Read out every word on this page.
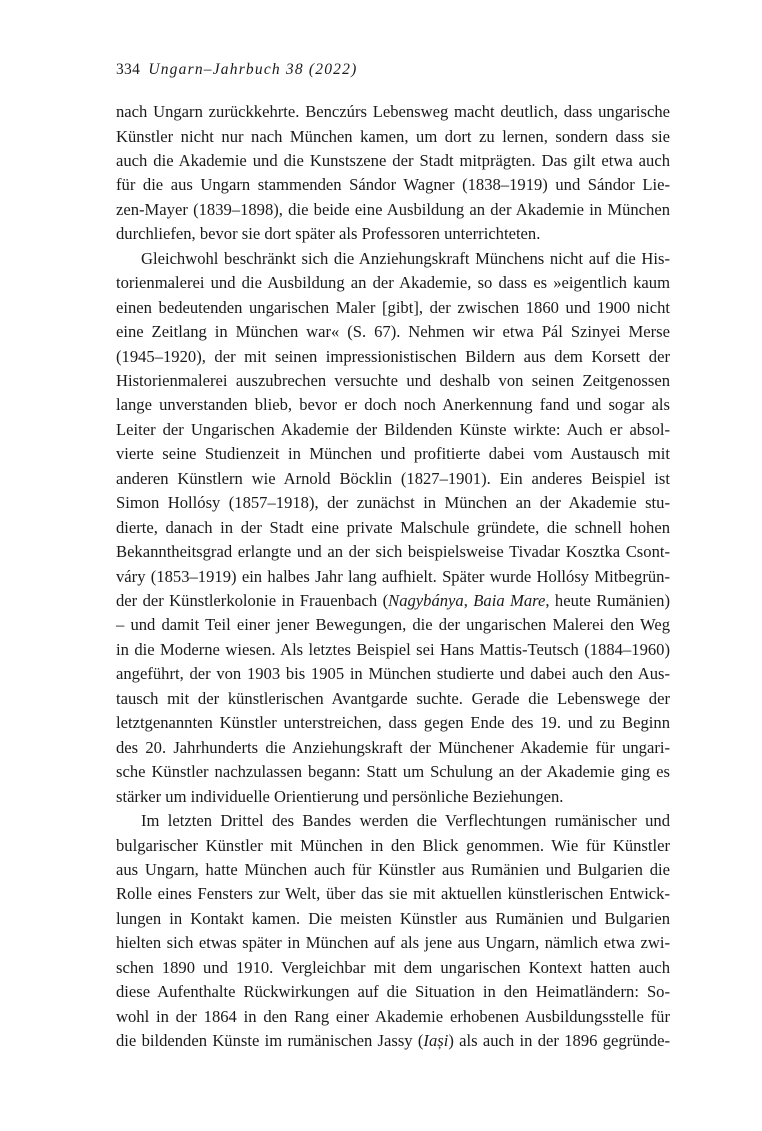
334 Ungarn–Jahrbuch 38 (2022)
nach Ungarn zurückkehrte. Benczúrs Lebensweg macht deutlich, dass ungarische
Künstler nicht nur nach München kamen, um dort zu lernen, sondern dass sie
auch die Akademie und die Kunstszene der Stadt mitprägten. Das gilt etwa auch
für die aus Ungarn stammenden Sándor Wagner (1838–1919) und Sándor Lie-
zen-Mayer (1839–1898), die beide eine Ausbildung an der Akademie in München
durchliefen, bevor sie dort später als Professoren unterrichteten.
Gleichwohl beschränkt sich die Anziehungskraft Münchens nicht auf die His-
torienmalerei und die Ausbildung an der Akademie, so dass es »eigentlich kaum
einen bedeutenden ungarischen Maler [gibt], der zwischen 1860 und 1900 nicht
eine Zeitlang in München war« (S. 67). Nehmen wir etwa Pál Szinyei Merse
(1945–1920), der mit seinen impressionistischen Bildern aus dem Korsett der
Historienmalerei auszubrechen versuchte und deshalb von seinen Zeitgenossen
lange unverstanden blieb, bevor er doch noch Anerkennung fand und sogar als
Leiter der Ungarischen Akademie der Bildenden Künste wirkte: Auch er absol-
vierte seine Studienzeit in München und profitierte dabei vom Austausch mit
anderen Künstlern wie Arnold Böcklin (1827–1901). Ein anderes Beispiel ist
Simon Hollósy (1857–1918), der zunächst in München an der Akademie stu-
dierte, danach in der Stadt eine private Malschule gründete, die schnell hohen
Bekanntheitsgrad erlangte und an der sich beispielsweise Tivadar Kosztka Csont-
váry (1853–1919) ein halbes Jahr lang aufhielt. Später wurde Hollósy Mitbegrün-
der der Künstlerkolonie in Frauenbach (Nagybánya, Baia Mare, heute Rumänien)
– und damit Teil einer jener Bewegungen, die der ungarischen Malerei den Weg
in die Moderne wiesen. Als letztes Beispiel sei Hans Mattis-Teutsch (1884–1960)
angeführt, der von 1903 bis 1905 in München studierte und dabei auch den Aus-
tausch mit der künstlerischen Avantgarde suchte. Gerade die Lebenswege der
letztgenannten Künstler unterstreichen, dass gegen Ende des 19. und zu Beginn
des 20. Jahrhunderts die Anziehungskraft der Münchener Akademie für ungari-
sche Künstler nachzulassen begann: Statt um Schulung an der Akademie ging es
stärker um individuelle Orientierung und persönliche Beziehungen.
Im letzten Drittel des Bandes werden die Verflechtungen rumänischer und
bulgarischer Künstler mit München in den Blick genommen. Wie für Künstler
aus Ungarn, hatte München auch für Künstler aus Rumänien und Bulgarien die
Rolle eines Fensters zur Welt, über das sie mit aktuellen künstlerischen Entwick-
lungen in Kontakt kamen. Die meisten Künstler aus Rumänien und Bulgarien
hielten sich etwas später in München auf als jene aus Ungarn, nämlich etwa zwi-
schen 1890 und 1910. Vergleichbar mit dem ungarischen Kontext hatten auch
diese Aufenthalte Rückwirkungen auf die Situation in den Heimatländern: So-
wohl in der 1864 in den Rang einer Akademie erhobenen Ausbildungsstelle für
die bildenden Künste im rumänischen Jassy (Iași) als auch in der 1896 gegründe-
